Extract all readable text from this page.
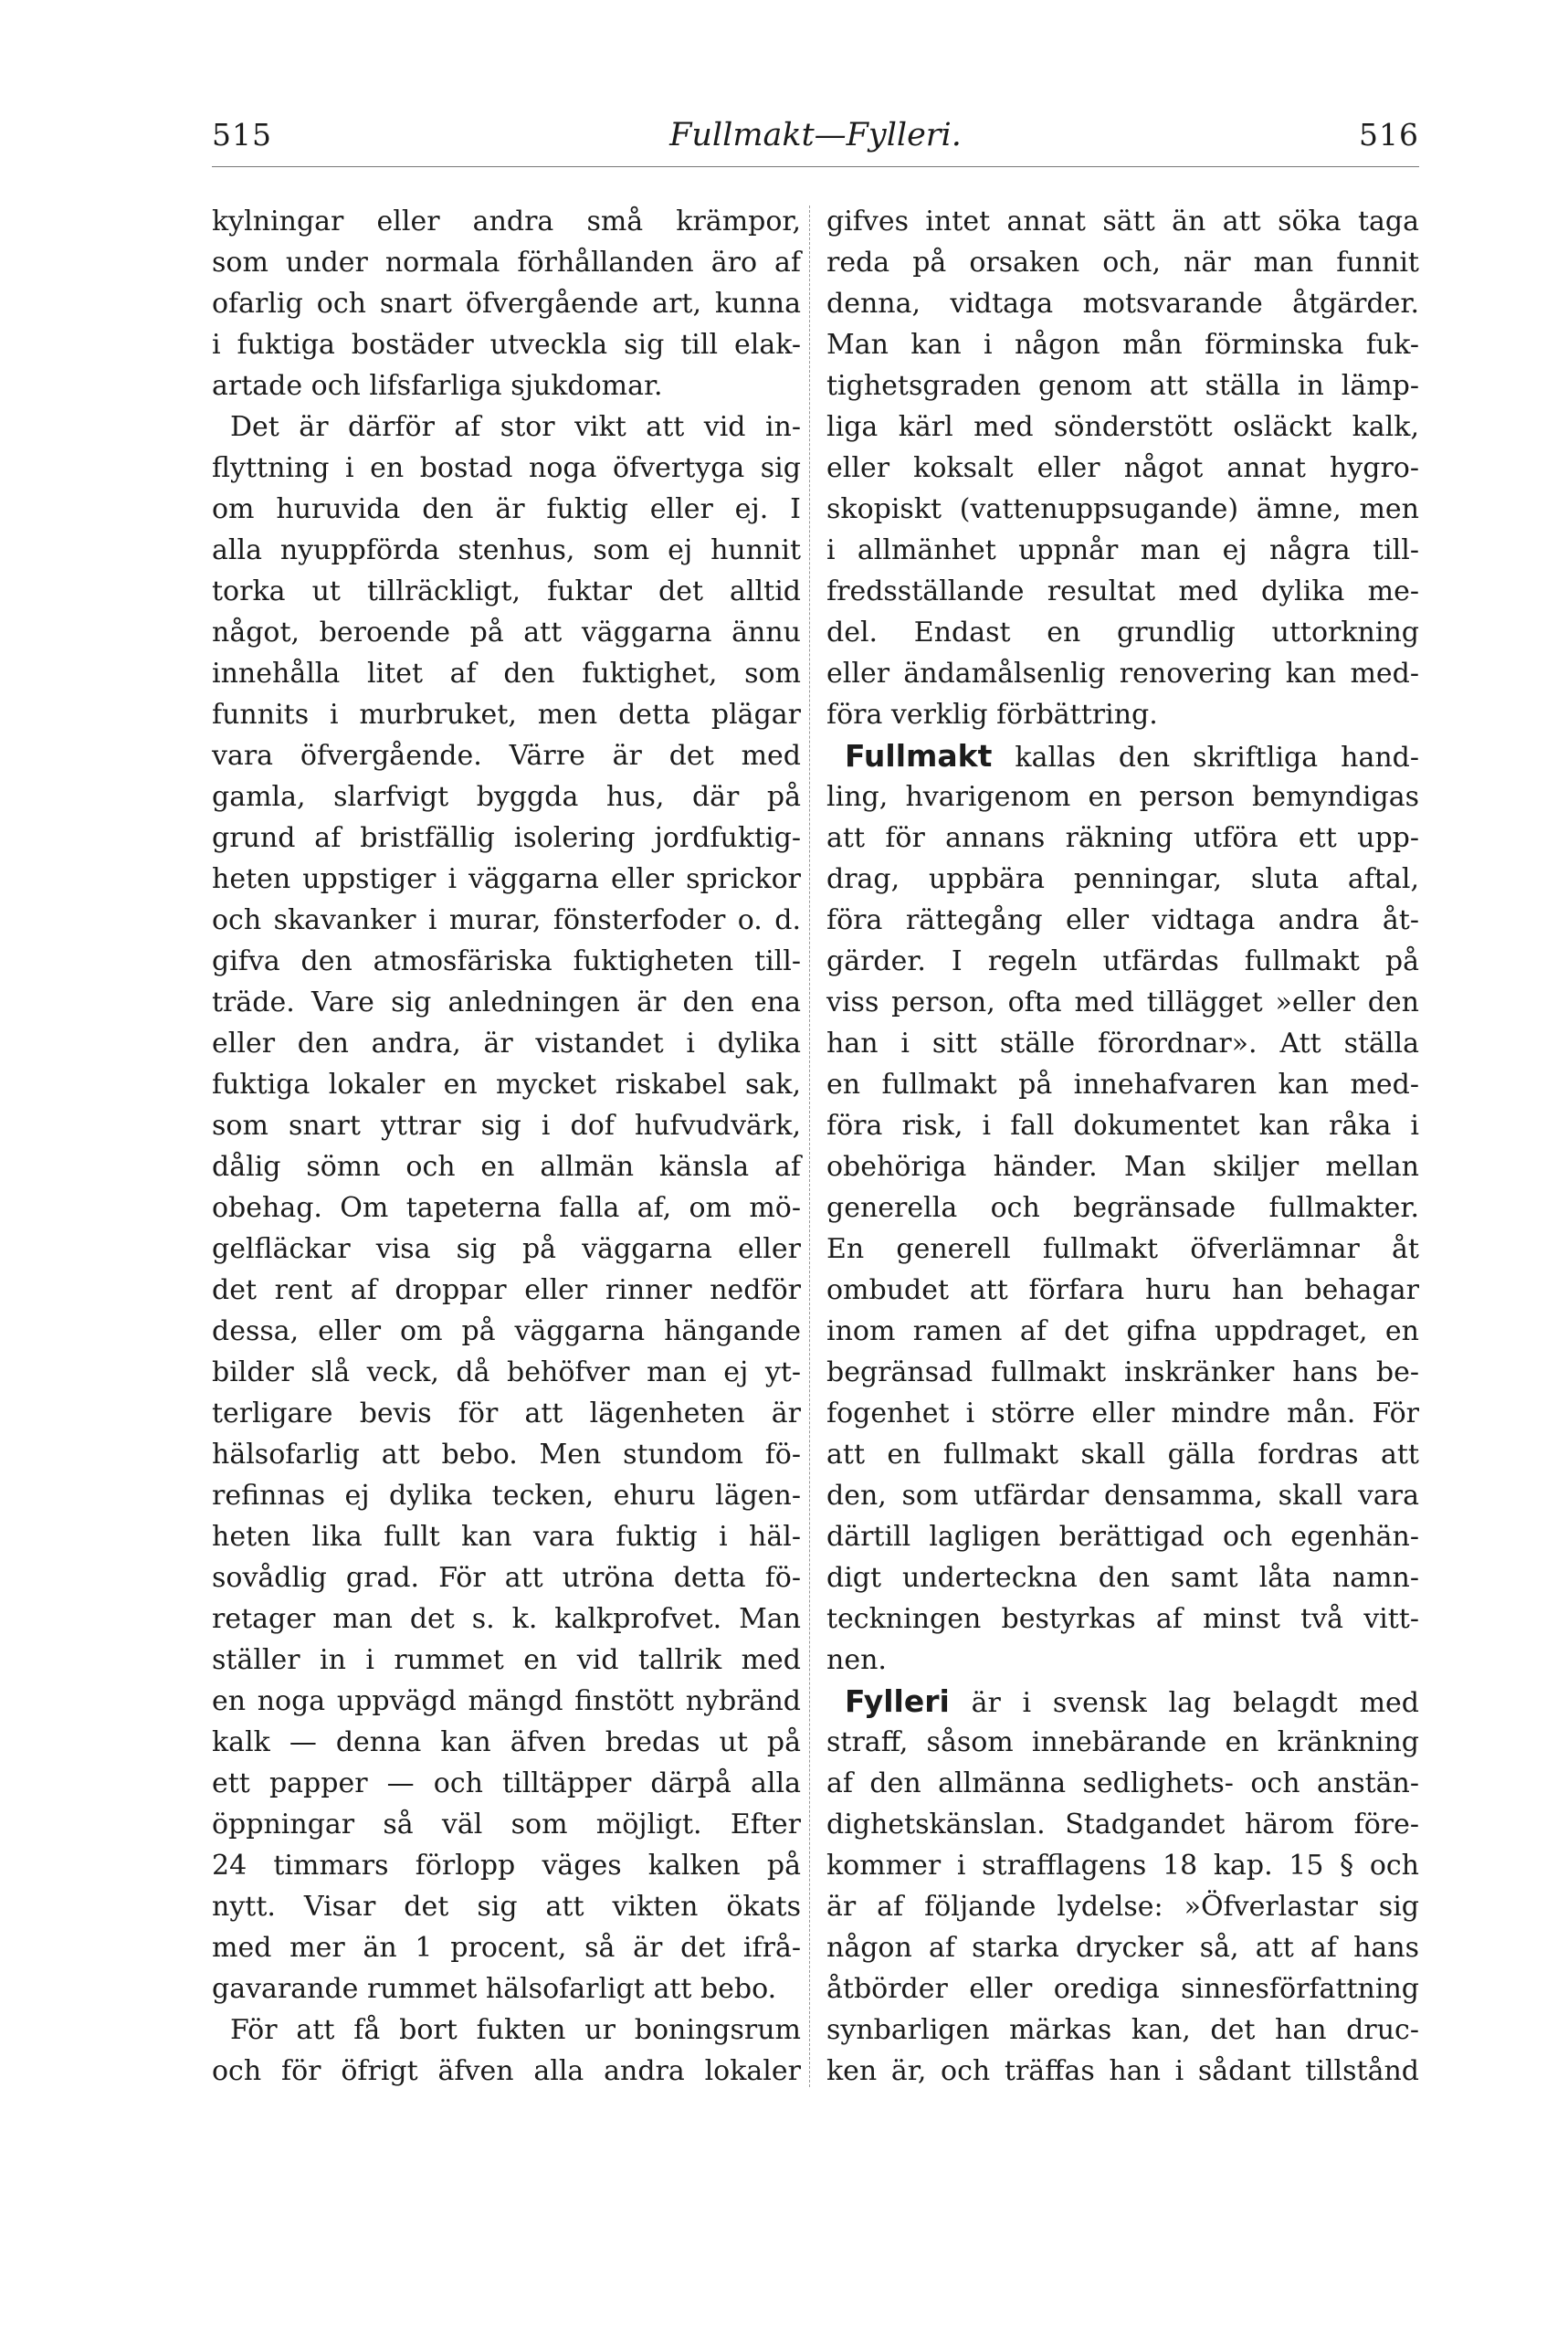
515	Fullmakt—Fylleri.	516
kylningar eller andra små krämpor,
som under normala förhållanden äro af
ofarlig och snart öfvergående art, kunna
i fuktiga bostäder utveckla sig till elak-
artade och lifsfarliga sjukdomar.
Det är därför af stor vikt att vid in-
flyttning i en bostad noga öfvertyga sig
om huruvida den är fuktig eller ej. I
alla nyuppförda stenhus, som ej hunnit
torka ut tillräckligt, fuktar det alltid
något, beroende på att väggarna ännu
innehålla litet af den fuktighet, som
funnits i murbruket, men detta plägar
vara öfvergående. Värre är det med
gamla, slarfvigt byggda hus, där på
grund af bristfällig isolering jordfuktig-
heten uppstiger i väggarna eller sprickor
och skavanker i murar, fönsterfoder o. d.
gifva den atmosfäriska fuktigheten till-
träde. Vare sig anledningen är den ena
eller den andra, är vistandet i dylika
fuktiga lokaler en mycket riskabel sak,
som snart yttrar sig i dof hufvudvärk,
dålig sömn och en allmän känsla af
obehag. Om tapeterna falla af, om mö-
gelfläckar visa sig på väggarna eller
det rent af droppar eller rinner nedför
dessa, eller om på väggarna hängande
bilder slå veck, då behöfver man ej yt-
terligare bevis för att lägenheten är
hälsofarlig att bebo. Men stundom fö-
refinnas ej dylika tecken, ehuru lägen-
heten lika fullt kan vara fuktig i häl-
sovådlig grad. För att utröna detta fö-
retager man det s. k. kalkprofvet. Man
ställer in i rummet en vid tallrik med
en noga uppvägd mängd finstött nybränd
kalk — denna kan äfven bredas ut på
ett papper — och tilltäpper därpå alla
öppningar så väl som möjligt. Efter
24 timmars förlopp väges kalken på
nytt. Visar det sig att vikten ökats
med mer än 1 procent, så är det ifrå-
gavarande rummet hälsofarligt att bebo.
För att få bort fukten ur boningsrum
och för öfrigt äfven alla andra lokaler
gifves intet annat sätt än att söka taga
reda på orsaken och, när man funnit
denna, vidtaga motsvarande åtgärder.
Man kan i någon mån förminska fuk-
tighetsgraden genom att ställa in lämp-
liga kärl med sönderstött osläckt kalk,
eller koksalt eller något annat hygro-
skopiskt (vattenuppsugande) ämne, men
i allmänhet uppnår man ej några till-
fredsställande resultat med dylika me-
del. Endast en grundlig uttorkning
eller ändamålsenlig renovering kan med-
föra verklig förbättring.
Fullmakt kallas den skriftliga hand-
ling, hvarigenom en person bemyndigas
att för annans räkning utföra ett upp-
drag, uppbära penningar, sluta aftal,
föra rättegång eller vidtaga andra åt-
gärder. I regeln utfärdas fullmakt på
viss person, ofta med tillägget »eller den
han i sitt ställe förordnar». Att ställa
en fullmakt på innehafvaren kan med-
föra risk, i fall dokumentet kan råka i
obehöriga händer. Man skiljer mellan
generella och begränsade fullmakter.
En generell fullmakt öfverlämnar åt
ombudet att förfara huru han behagar
inom ramen af det gifna uppdraget, en
begränsad fullmakt inskränker hans be-
fogenhet i större eller mindre mån. För
att en fullmakt skall gälla fordras att
den, som utfärdar densamma, skall vara
därtill lagligen berättigad och egenhän-
digt underteckna den samt låta namn-
teckningen bestyrkas af minst två vitt-
nen.
Fylleri är i svensk lag belagdt med
straff, såsom innebärande en kränkning
af den allmänna sedlighets- och anstän-
dighetskänslan. Stadgandet härom före-
kommer i strafflagens 18 kap. 15 § och
är af följande lydelse: »Öfverlastar sig
någon af starka drycker så, att af hans
åtbörder eller orediga sinnesförfattning
synbarligen märkas kan, det han druc-
ken är, och träffas han i sådant tillstånd
